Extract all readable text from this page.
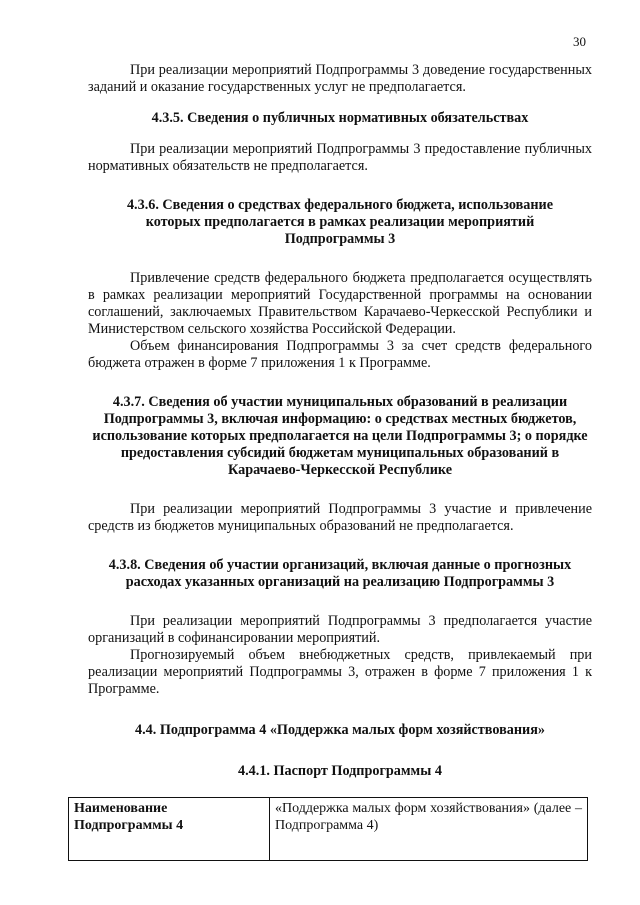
30

При реализации мероприятий Подпрограммы 3 доведение государственных заданий и оказание государственных услуг не предполагается.

4.3.5. Сведения о публичных нормативных обязательствах

При реализации мероприятий Подпрограммы 3 предоставление публичных нормативных обязательств не предполагается.

4.3.6. Сведения о средствах федерального бюджета, использование которых предполагается в рамках реализации мероприятий Подпрограммы 3

Привлечение средств федерального бюджета предполагается осуществлять в рамках реализации мероприятий Государственной программы на основании соглашений, заключаемых Правительством Карачаево-Черкесской Республики и Министерством сельского хозяйства Российской Федерации.

Объем финансирования Подпрограммы 3 за счет средств федерального бюджета отражен в форме 7 приложения 1 к Программе.

4.3.7. Сведения об участии муниципальных образований в реализации Подпрограммы 3, включая информацию: о средствах местных бюджетов, использование которых предполагается на цели Подпрограммы 3; о порядке предоставления субсидий бюджетам муниципальных образований в Карачаево-Черкесской Республике

При реализации мероприятий Подпрограммы 3 участие и привлечение средств из бюджетов муниципальных образований не предполагается.

4.3.8. Сведения об участии организаций, включая данные о прогнозных расходах указанных организаций на реализацию Подпрограммы 3

При реализации мероприятий Подпрограммы 3 предполагается участие организаций в софинансировании мероприятий.

Прогнозируемый объем внебюджетных средств, привлекаемый при реализации мероприятий Подпрограммы 3, отражен в форме 7 приложения 1 к Программе.

4.4. Подпрограмма 4 «Поддержка малых форм хозяйствования»

4.4.1. Паспорт Подпрограммы 4

Наименование Подпрограммы 4	«Поддержка малых форм хозяйствования» (далее – Подпрограмма 4)
